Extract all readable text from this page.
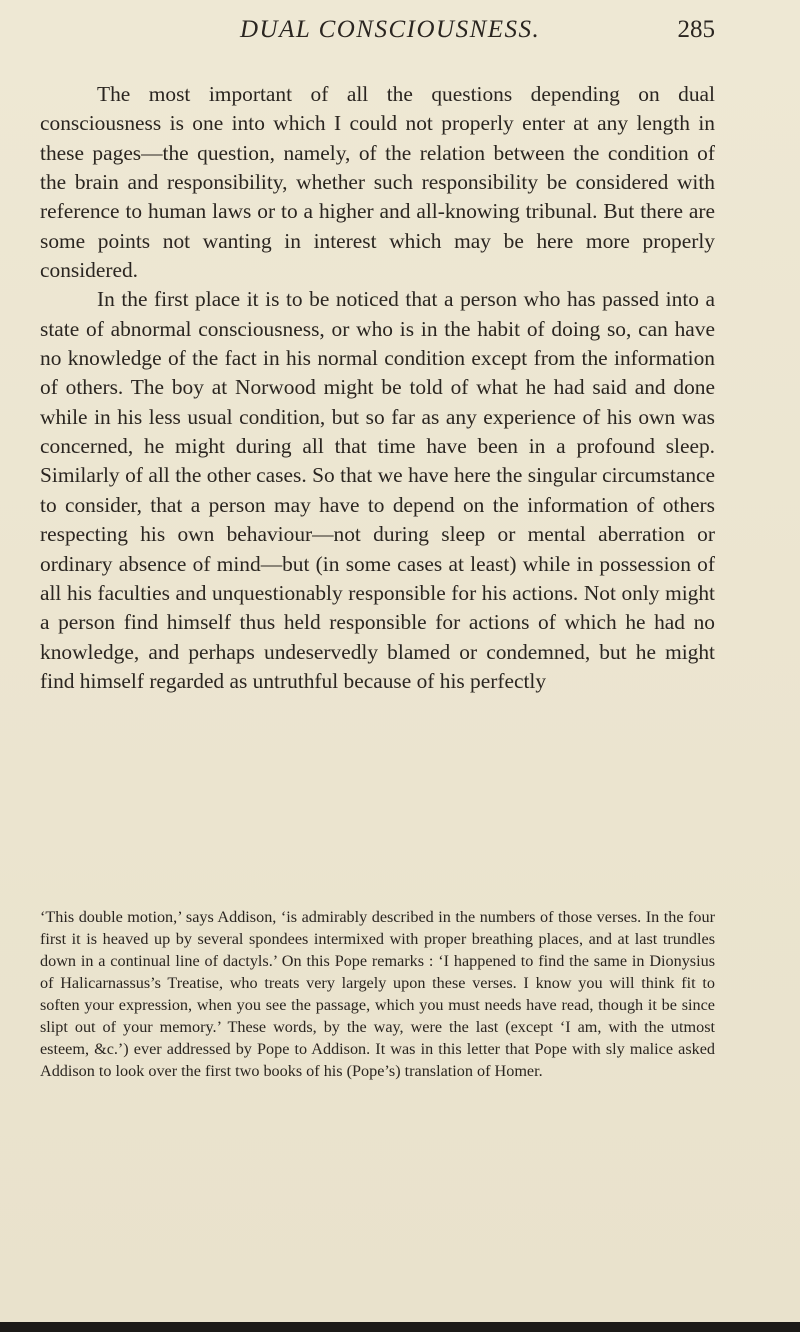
DUAL CONSCIOUSNESS.	285

The most important of all the questions depending on dual consciousness is one into which I could not properly enter at any length in these pages—the question, namely, of the relation between the condition of the brain and responsibility, whether such responsibility be considered with reference to human laws or to a higher and all-knowing tribunal. But there are some points not wanting in interest which may be here more properly considered.

In the first place it is to be noticed that a person who has passed into a state of abnormal consciousness, or who is in the habit of doing so, can have no knowledge of the fact in his normal condition except from the information of others. The boy at Norwood might be told of what he had said and done while in his less usual condition, but so far as any experience of his own was concerned, he might during all that time have been in a profound sleep. Similarly of all the other cases. So that we have here the singular circumstance to consider, that a person may have to depend on the information of others respecting his own behaviour—not during sleep or mental aberration or ordinary absence of mind—but (in some cases at least) while in possession of all his faculties and unquestionably responsible for his actions. Not only might a person find himself thus held responsible for actions of which he had no knowledge, and perhaps undeservedly blamed or condemned, but he might find himself regarded as untruthful because of his perfectly

‘This double motion,’ says Addison, ‘is admirably described in the numbers of those verses. In the four first it is heaved up by several spondees intermixed with proper breathing places, and at last trundles down in a continual line of dactyls.’ On this Pope remarks : ‘I happened to find the same in Dionysius of Halicarnassus’s Treatise, who treats very largely upon these verses. I know you will think fit to soften your expression, when you see the passage, which you must needs have read, though it be since slipt out of your memory.’ These words, by the way, were the last (except ‘I am, with the utmost esteem, &c.’) ever addressed by Pope to Addison. It was in this letter that Pope with sly malice asked Addison to look over the first two books of his (Pope’s) translation of Homer.
